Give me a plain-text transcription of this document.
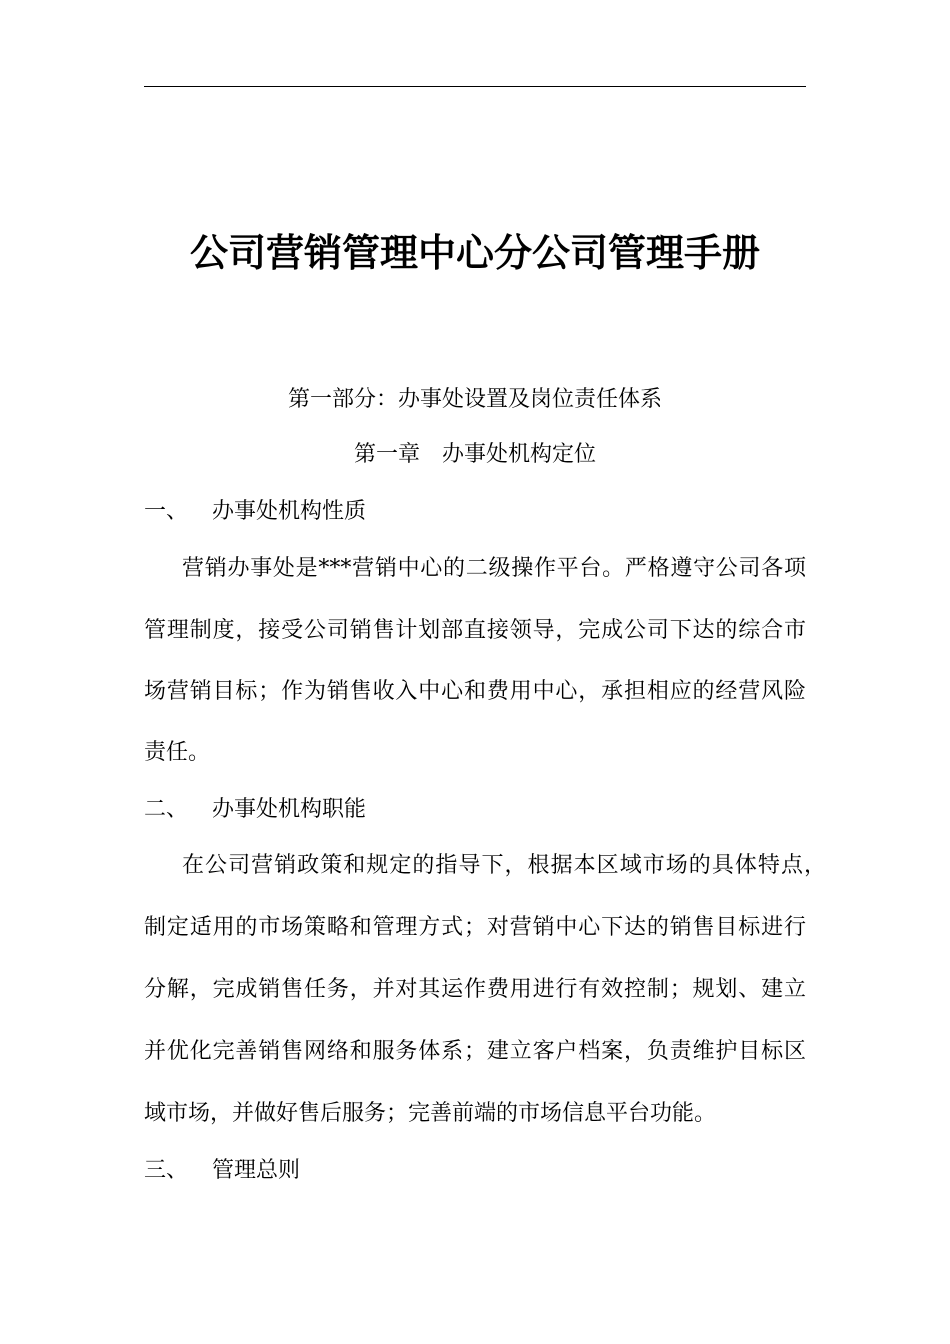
公司营销管理中心分公司管理手册

第一部分：办事处设置及岗位责任体系

第一章　办事处机构定位

一、 办事处机构性质

营销办事处是***营销中心的二级操作平台。严格遵守公司各项

管理制度，接受公司销售计划部直接领导，完成公司下达的综合市

场营销目标；作为销售收入中心和费用中心，承担相应的经营风险

责任。

二、 办事处机构职能

在公司营销政策和规定的指导下，根据本区域市场的具体特点，

制定适用的市场策略和管理方式；对营销中心下达的销售目标进行

分解，完成销售任务，并对其运作费用进行有效控制；规划、建立

并优化完善销售网络和服务体系；建立客户档案，负责维护目标区

域市场，并做好售后服务；完善前端的市场信息平台功能。

三、 管理总则
